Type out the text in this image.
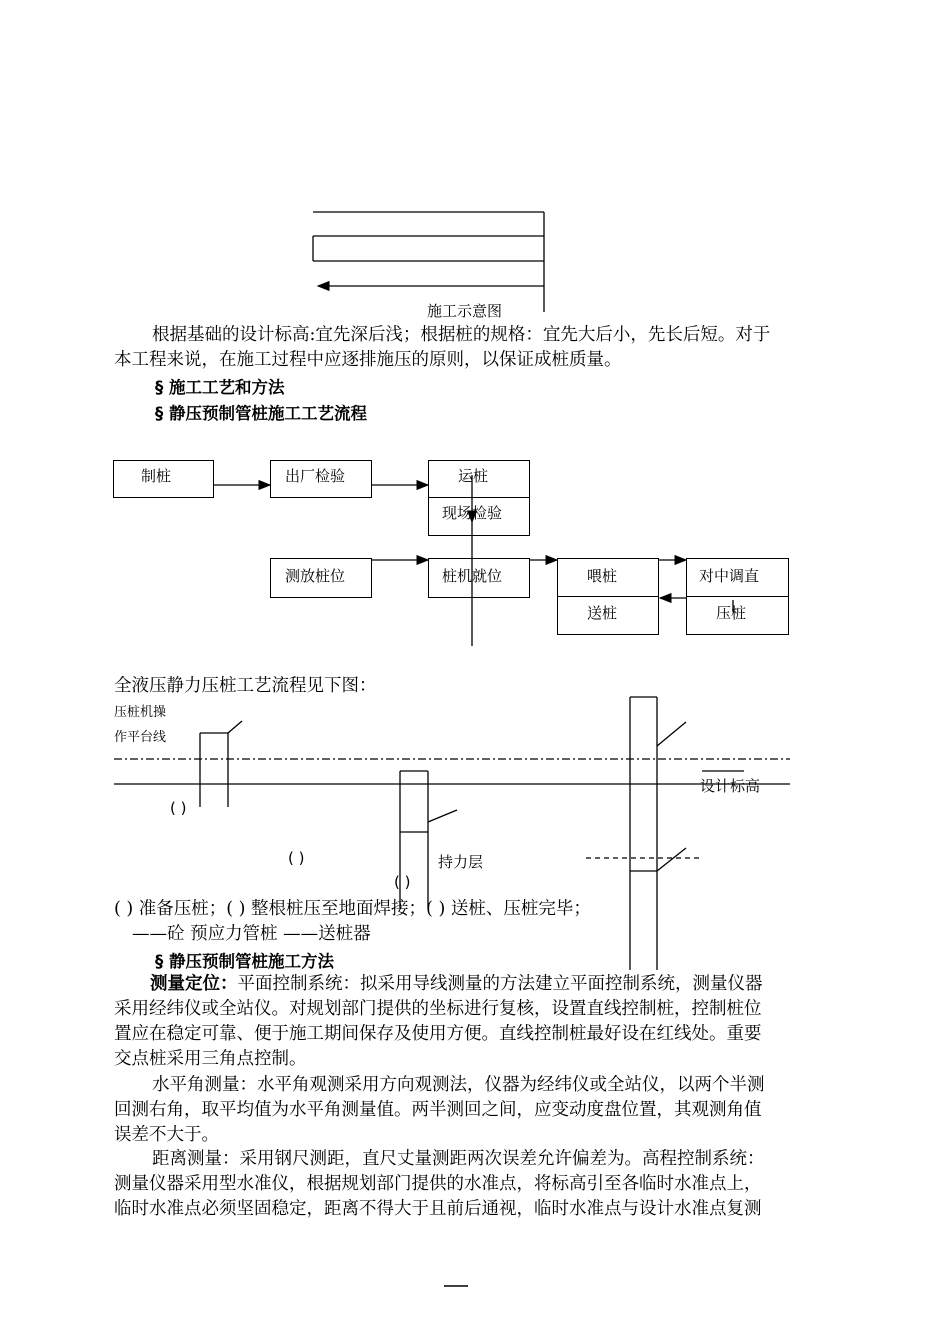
施工示意图
根据基础的设计标高:宜先深后浅；根据桩的规格：宜先大后小，先长后短。对于
本工程来说，在施工过程中应逐排施压的原则，以保证成桩质量。
§ 施工工艺和方法
§ 静压预制管桩施工工艺流程
制桩	出厂检验	运桩
现场检验
测放桩位	桩机就位	喂桩
送桩
对中调直
压桩
全液压静力压桩工艺流程见下图：
压桩机操
作平台线
设计标高
( )
( )	持力层
( )
( ) 准备压桩；( ) 整根桩压至地面焊接；( ) 送桩、压桩完毕；
——砼 预应力管桩 ——送桩器
§ 静压预制管桩施工方法
测量定位：平面控制系统：拟采用导线测量的方法建立平面控制系统，测量仪器
采用经纬仪或全站仪。对规划部门提供的坐标进行复核，设置直线控制桩，控制桩位
置应在稳定可靠、便于施工期间保存及使用方便。直线控制桩最好设在红线处。重要
交点桩采用三角点控制。
水平角测量：水平角观测采用方向观测法，仪器为经纬仪或全站仪，以两个半测
回测右角，取平均值为水平角测量值。两半测回之间，应变动度盘位置，其观测角值
误差不大于。
距离测量：采用钢尺测距，直尺丈量测距两次误差允许偏差为。高程控制系统：
测量仪器采用型水准仪，根据规划部门提供的水准点，将标高引至各临时水准点上，
临时水准点必须坚固稳定，距离不得大于且前后通视，临时水准点与设计水准点复测
